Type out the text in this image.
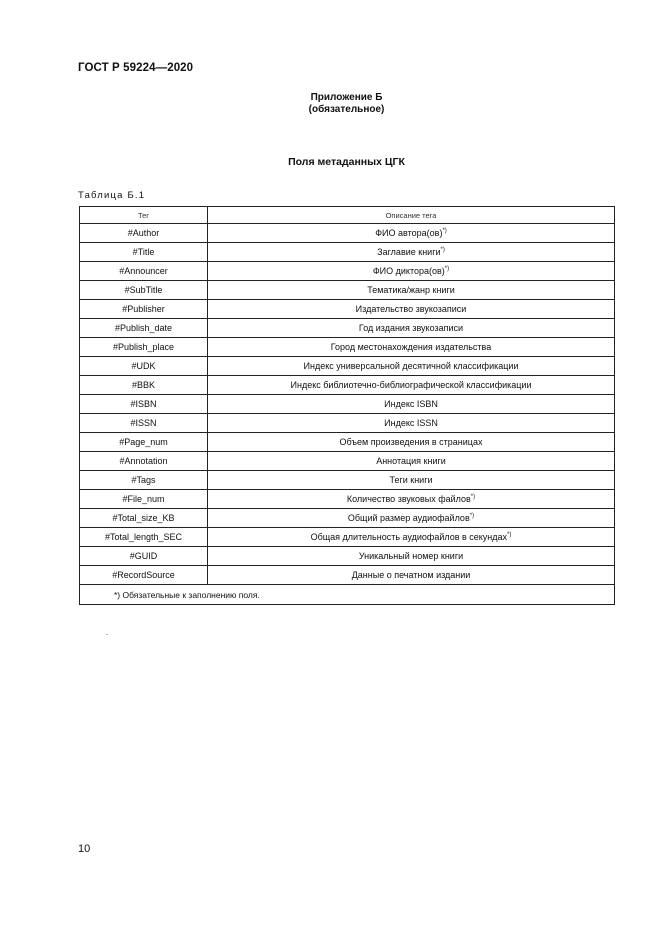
ГОСТ Р 59224—2020
Приложение Б
(обязательное)
Поля метаданных ЦГК
Таблица Б.1
Тег	Описание тега
#Author	ФИО автора(ов)*)
#Title	Заглавие книги*)
#Announcer	ФИО диктора(ов)*)
#SubTitle	Тематика/жанр книги
#Publisher	Издательство звукозаписи
#Publish_date	Год издания звукозаписи
#Publish_place	Город местонахождения издательства
#UDK	Индекс универсальной десятичной классификации
#BBK	Индекс библиотечно-библиографической классификации
#ISBN	Индекс ISBN
#ISSN	Индекс ISSN
#Page_num	Объем произведения в страницах
#Annotation	Аннотация книги
#Tags	Теги книги
#File_num	Количество звуковых файлов*)
#Total_size_KB	Общий размер аудиофайлов*)
#Total_length_SEC	Общая длительность аудиофайлов в секундах*)
#GUID	Уникальный номер книги
#RecordSource	Данные о печатном издании
*) Обязательные к заполнению поля.	
.
10
